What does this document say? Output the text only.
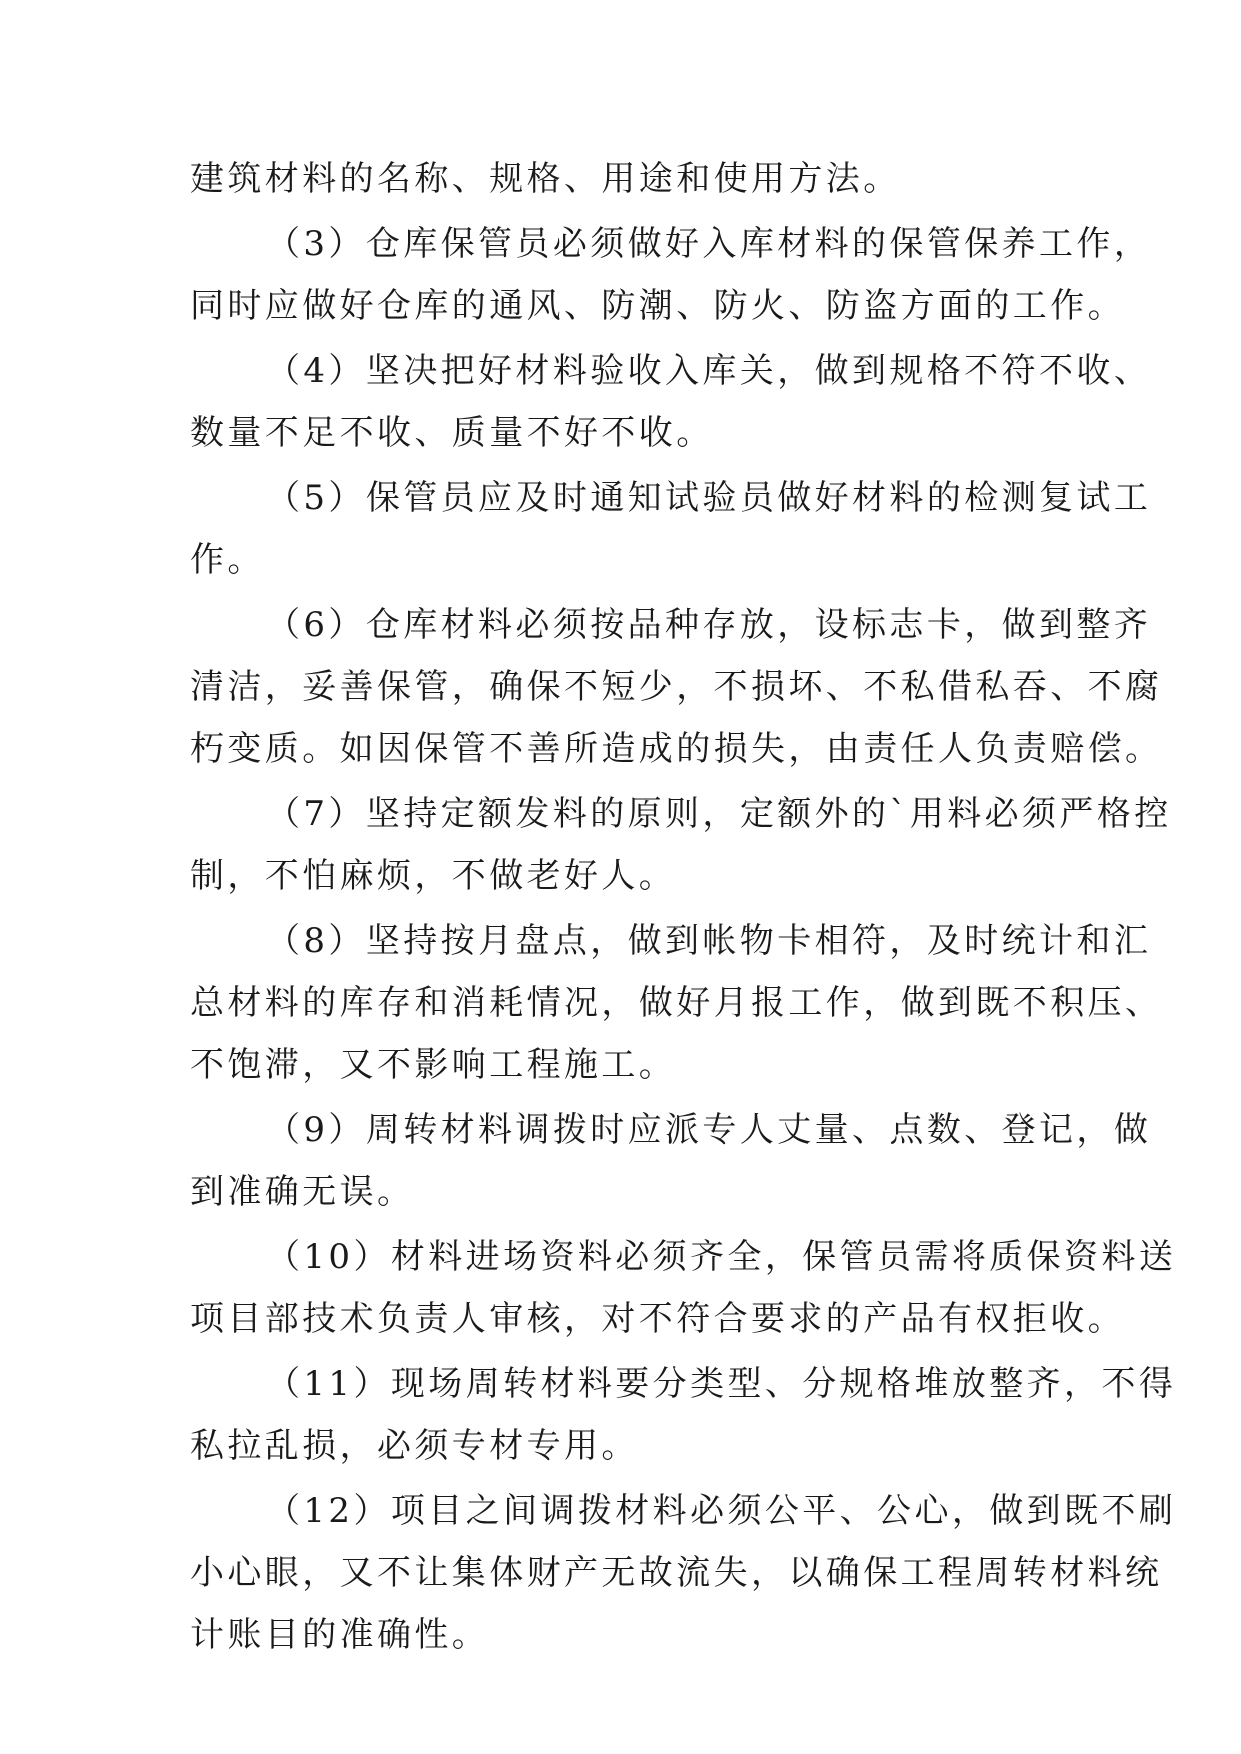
建筑材料的名称、规格、用途和使用方法。

（3）仓库保管员必须做好入库材料的保管保养工作，
同时应做好仓库的通风、防潮、防火、防盗方面的工作。

（4）坚决把好材料验收入库关，做到规格不符不收、
数量不足不收、质量不好不收。

（5）保管员应及时通知试验员做好材料的检测复试工
作。

（6）仓库材料必须按品种存放，设标志卡，做到整齐
清洁，妥善保管，确保不短少，不损坏、不私借私吞、不腐
朽变质。如因保管不善所造成的损失，由责任人负责赔偿。

（7）坚持定额发料的原则，定额外的`用料必须严格控
制，不怕麻烦，不做老好人。

（8）坚持按月盘点，做到帐物卡相符，及时统计和汇
总材料的库存和消耗情况，做好月报工作，做到既不积压、
不饱滞，又不影响工程施工。

（9）周转材料调拨时应派专人丈量、点数、登记，做
到准确无误。

（10）材料进场资料必须齐全，保管员需将质保资料送
项目部技术负责人审核，对不符合要求的产品有权拒收。

（11）现场周转材料要分类型、分规格堆放整齐，不得
私拉乱损，必须专材专用。

（12）项目之间调拨材料必须公平、公心，做到既不刷
小心眼，又不让集体财产无故流失，以确保工程周转材料统
计账目的准确性。
